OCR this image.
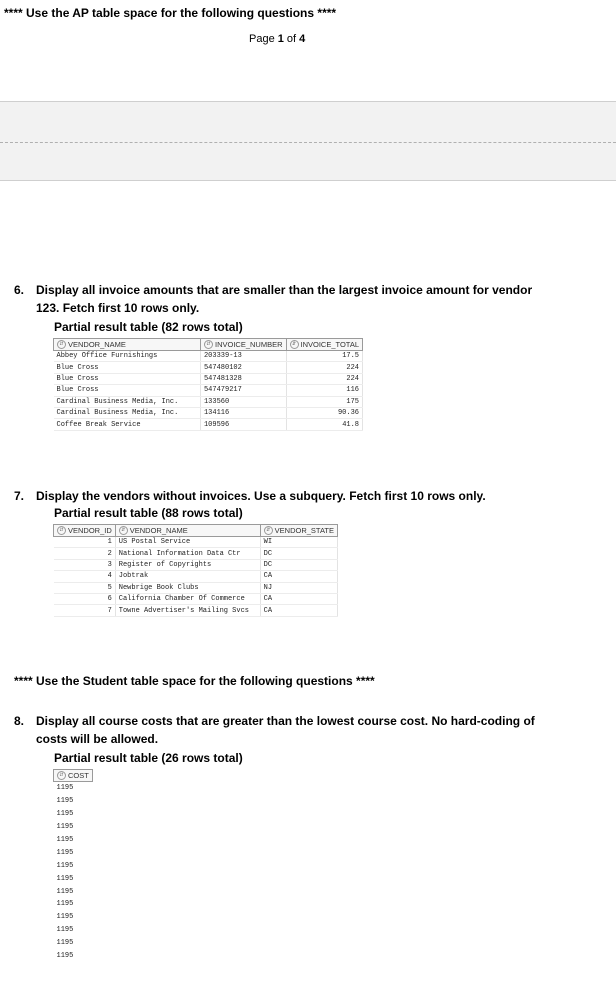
**** Use the AP table space for the following questions ****
Page 1 of 4
6. Display all invoice amounts that are smaller than the largest invoice amount for vendor 123. Fetch first 10 rows only.
Partial result table (82 rows total)
⇵ VENDOR_NAME	⇵ INVOICE_NUMBER	⇵ INVOICE_TOTAL
Abbey Office Furnishings	203339-13	17.5
Blue Cross	547480102	224
Blue Cross	547481328	224
Blue Cross	547479217	116
Cardinal Business Media, Inc.	133560	175
Cardinal Business Media, Inc.	134116	90.36
Coffee Break Service	109596	41.8
7. Display the vendors without invoices. Use a subquery. Fetch first 10 rows only.
Partial result table (88 rows total)
⇵ VENDOR_ID	⇵ VENDOR_NAME	⇵ VENDOR_STATE
1	US Postal Service	WI
2	National Information Data Ctr	DC
3	Register of Copyrights	DC
4	Jobtrak	CA
5	Newbrige Book Clubs	NJ
6	California Chamber Of Commerce	CA
7	Towne Advertiser's Mailing Svcs	CA
**** Use the Student table space for the following questions ****
8. Display all course costs that are greater than the lowest course cost. No hard-coding of costs will be allowed.
Partial result table (26 rows total)
⇵ COST
1195
1195
1195
1195
1195
1195
1195
1195
1195
1195
1195
1195
1195
1195
